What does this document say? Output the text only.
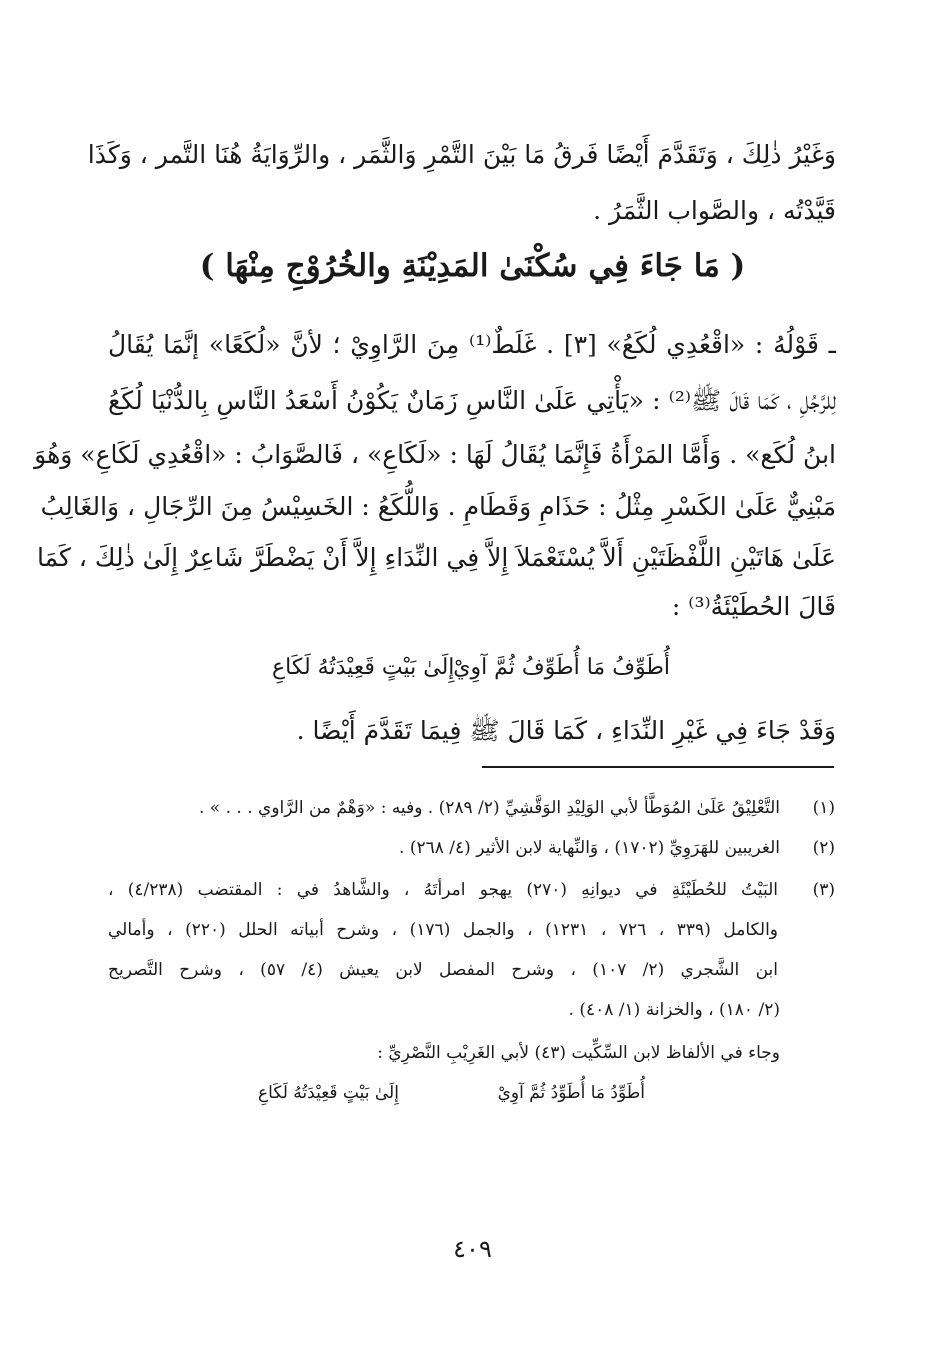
وَغَيْرُ ذٰلِكَ ، وَتَقَدَّمَ أَيْضًا فَرقُ مَا بَيْنَ التَّمْرِ وَالثَّمَر ، والرِّوَايَةُ هُنَا التَّمر ، وَكَذَا
قَيَّدْتُه ، والصَّواب الثَّمَرُ .
( مَا جَاءَ فِي سُكْنَىٰ المَدِيْنَةِ والخُرُوْجِ مِنْهَا )
ـ قَوْلُهُ : «اقْعُدِي لُكَعُ» [٣] . غَلَطٌ⁽¹⁾ مِنَ الرَّاوِيْ ؛ لأنَّ «لُكَعًا» إنَّمَا يُقَالُ
لِلرَّجُلِ ، كَمَا قَالَ ﷺ⁽²⁾ : «يَأْتِي عَلَىٰ النَّاسِ زَمَانٌ يَكُوْنُ أَسْعَدُ النَّاسِ بِالدُّنْيَا لُكَعُ
ابنُ لُكَع» . وَأَمَّا المَرْأَةُ فَإِنَّمَا يُقَالُ لَهَا : «لَكَاعِ» ، فَالصَّوَابُ : «اقْعُدِي لَكَاعِ» وَهُوَ
مَبْنِيٌّ عَلَىٰ الكَسْرِ مِثْلُ : حَذَامِ وَقَطَامِ . وَاللُّكَعُ : الخَسِيْسُ مِنَ الرِّجَالِ ، وَالغَالِبُ
عَلَىٰ هَاتَيْنِ اللَّفْظَتَيْنِ أَلاَّ يُسْتَعْمَلاَ إِلاَّ فِي النِّدَاءِ إِلاَّ أَنْ يَضْطَرَّ شَاعِرٌ إِلَىٰ ذٰلِكَ ، كَمَا
قَالَ الحُطَيْئَةُ⁽³⁾ :
أُطَوِّفُ مَا أُطَوِّفُ ثُمَّ آوِيْ
إِلَىٰ بَيْتٍ قَعِيْدَتُهُ لَكَاعِ
وَقَدْ جَاءَ فِي غَيْرِ النِّدَاءِ ، كَمَا قَالَ ﷺ فِيمَا تَقَدَّمَ أَيْضًا .
(١)
التَّعْلِيْقُ عَلَىٰ المُوَطَّأ لأبي الوَلِيْدِ الوَقَّشِيِّ (٢/ ٢٨٩) . وفيه : «وَهْمٌ من الرَّاوي . . . » .
(٢)
الغريبين للهَرَوِيِّ (١٧٠٢) ، وَالنِّهاية لابن الأثير (٤/ ٢٦٨) .
(٣)
البَيْتُ للحُطَيْئَةِ في ديوانِهِ (٢٧٠) يهجو امرأتَهُ ، والشَّاهدُ في : المقتضب (٤/٢٣٨) ،
والكامل (٣٣٩ ، ٧٢٦ ، ١٢٣١) ، والجمل (١٧٦) ، وشرح أبياته الحلل (٢٢٠) ، وأمالي
ابن الشَّجري (٢/ ١٠٧) ، وشرح المفصل لابن يعيش (٤/ ٥٧) ، وشرح التَّصريح
(٢/ ١٨٠) ، والخزانة (١/ ٤٠٨) .
وجاء في الألفاظ لابن السِّكِّيت (٤٣) لأبي الغَرِيْبِ النَّصْرِيِّ :
أُطَوِّدُ مَا أُطَوِّدُ ثُمَّ آوِيْ
إِلَىٰ بَيْتٍ قَعِيْدَتُهُ لَكَاعِ
٤٠٩
